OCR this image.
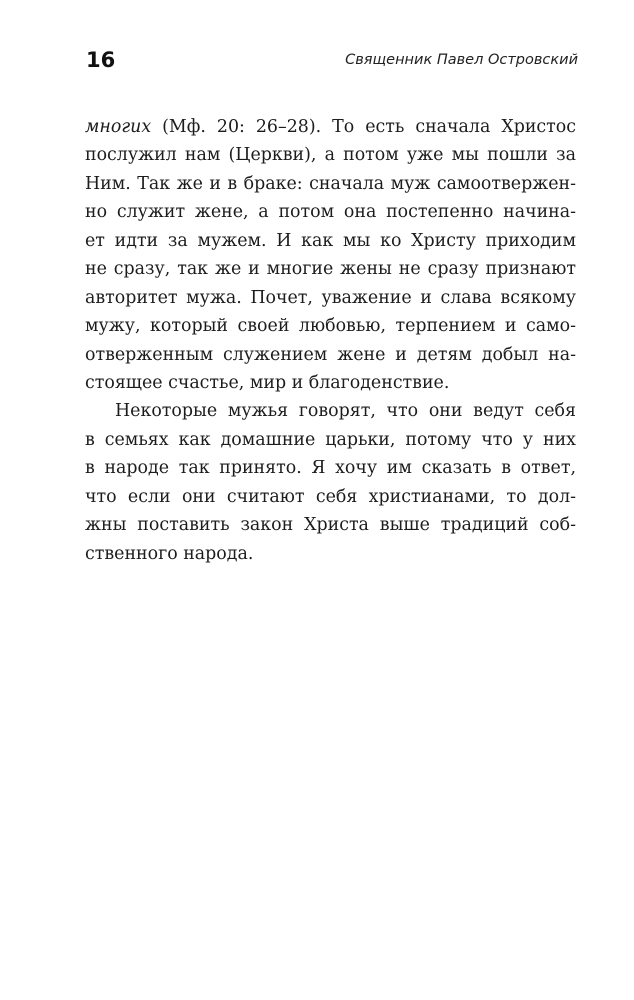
16	Священник Павел Островский

многих (Мф. 20: 26–28). То есть сначала Христос
послужил нам (Церкви), а потом уже мы пошли за
Ним. Так же и в браке: сначала муж самоотвержен-
но служит жене, а потом она постепенно начина-
ет идти за мужем. И как мы ко Христу приходим
не сразу, так же и многие жены не сразу признают
авторитет мужа. Почет, уважение и слава всякому
мужу, который своей любовью, терпением и само-
отверженным служением жене и детям добыл на-
стоящее счастье, мир и благоденствие.

Некоторые мужья говорят, что они ведут себя
в семьях как домашние царьки, потому что у них
в народе так принято. Я хочу им сказать в ответ,
что если они считают себя христианами, то дол-
жны поставить закон Христа выше традиций соб-
ственного народа.
